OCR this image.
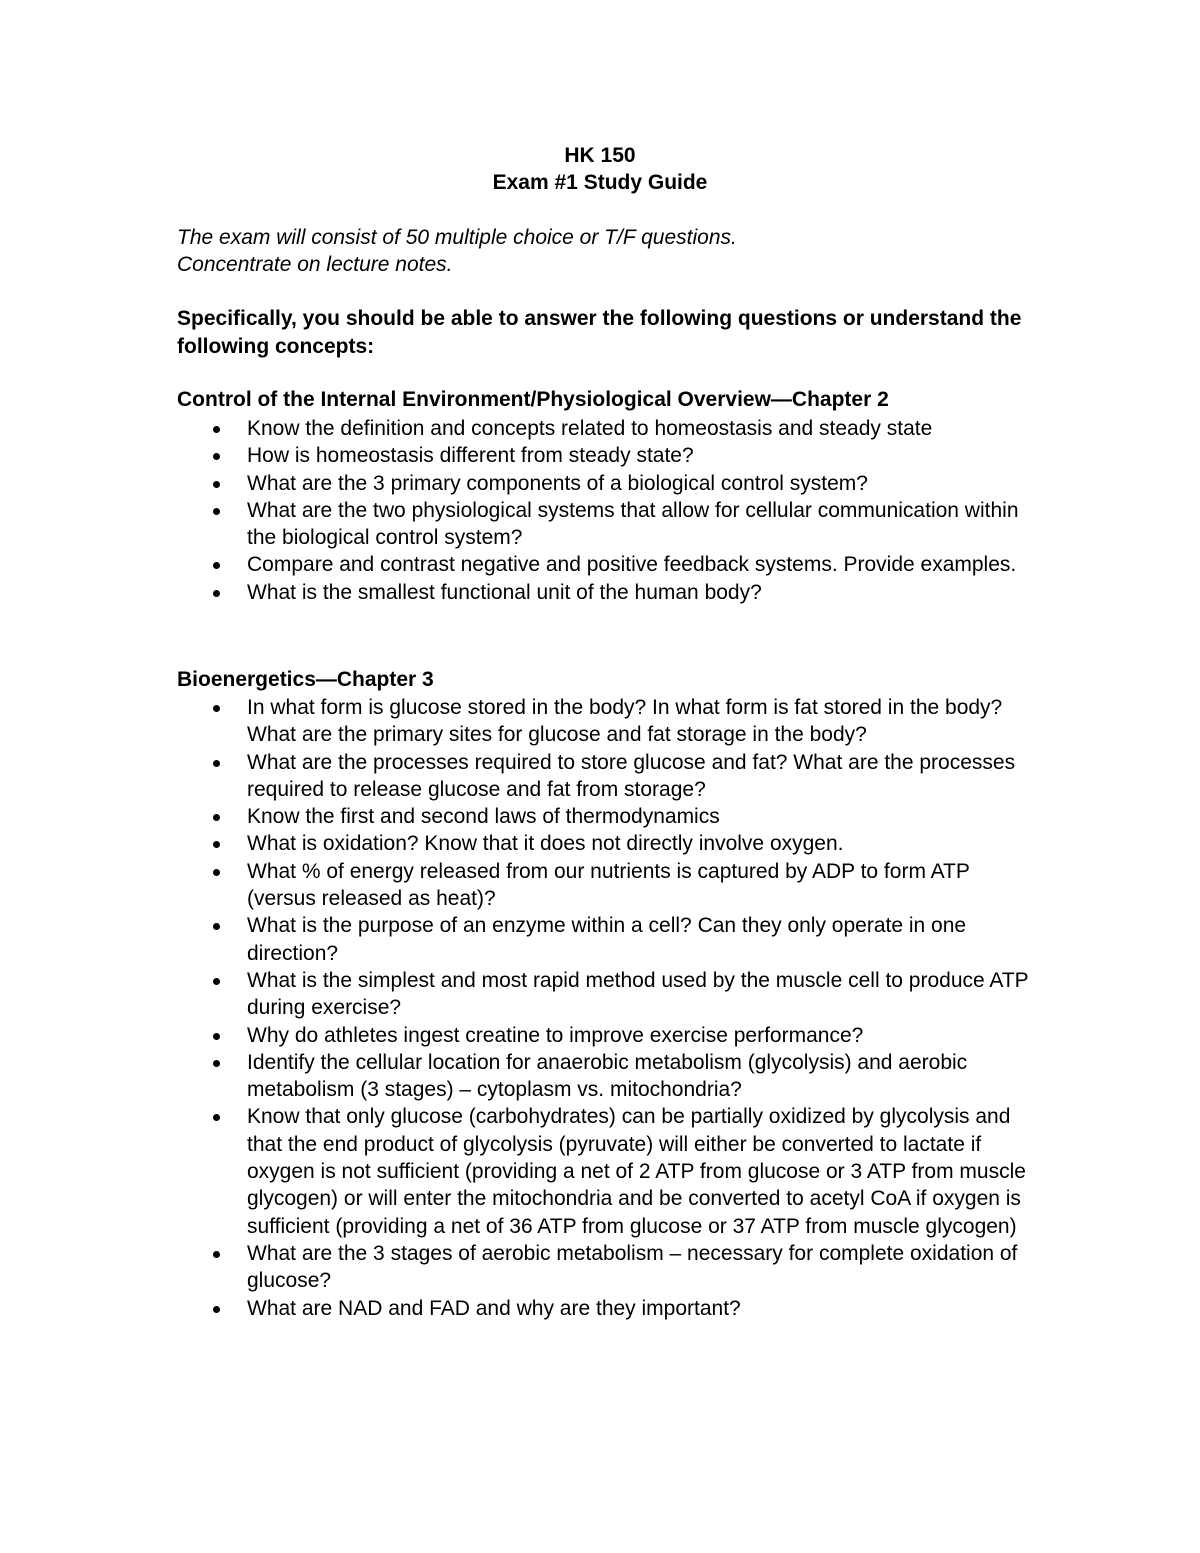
HK 150
Exam #1 Study Guide
The exam will consist of 50 multiple choice or T/F questions.
Concentrate on lecture notes.

Specifically, you should be able to answer the following questions or understand the following concepts:

Control of the Internal Environment/Physiological Overview—Chapter 2
Know the definition and concepts related to homeostasis and steady state
How is homeostasis different from steady state?
What are the 3 primary components of a biological control system?
What are the two physiological systems that allow for cellular communication within the biological control system?
Compare and contrast negative and positive feedback systems. Provide examples.
What is the smallest functional unit of the human body?
Bioenergetics—Chapter 3
In what form is glucose stored in the body? In what form is fat stored in the body? What are the primary sites for glucose and fat storage in the body?
What are the processes required to store glucose and fat? What are the processes required to release glucose and fat from storage?
Know the first and second laws of thermodynamics
What is oxidation? Know that it does not directly involve oxygen.
What % of energy released from our nutrients is captured by ADP to form ATP (versus released as heat)?
What is the purpose of an enzyme within a cell? Can they only operate in one direction?
What is the simplest and most rapid method used by the muscle cell to produce ATP during exercise?
Why do athletes ingest creatine to improve exercise performance?
Identify the cellular location for anaerobic metabolism (glycolysis) and aerobic metabolism (3 stages) – cytoplasm vs. mitochondria?
Know that only glucose (carbohydrates) can be partially oxidized by glycolysis and that the end product of glycolysis (pyruvate) will either be converted to lactate if oxygen is not sufficient (providing a net of 2 ATP from glucose or 3 ATP from muscle glycogen) or will enter the mitochondria and be converted to acetyl CoA if oxygen is sufficient (providing a net of 36 ATP from glucose or 37 ATP from muscle glycogen)
What are the 3 stages of aerobic metabolism – necessary for complete oxidation of glucose?
What are NAD and FAD and why are they important?
